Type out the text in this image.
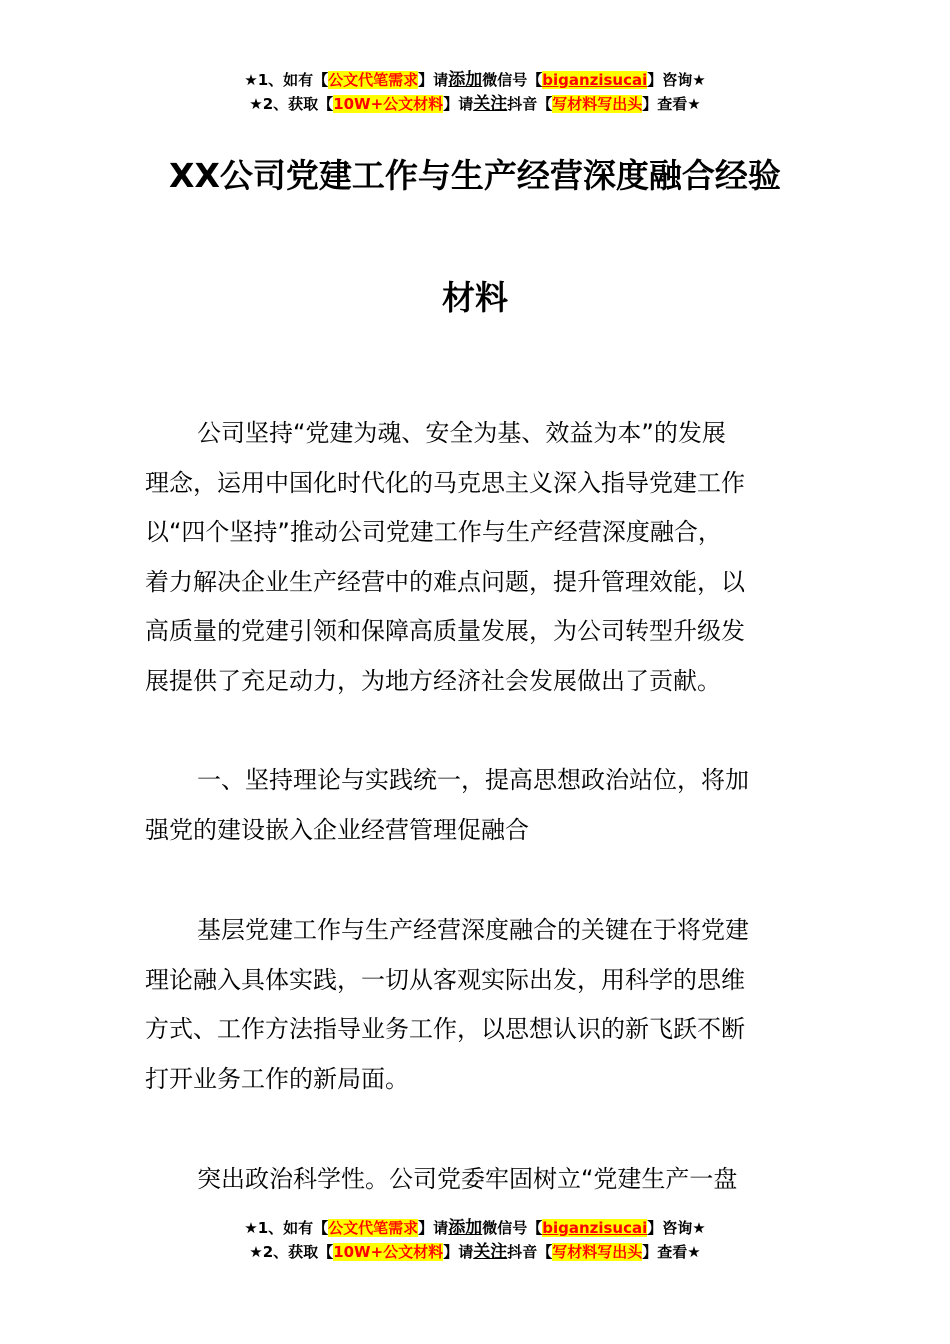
★1、如有【公文代笔需求】请添加微信号【biganzisucai】咨询★
★2、获取【10W+公文材料】请关注抖音【写材料写出头】查看★
XX公司党建工作与生产经营深度融合经验
材料
公司坚持“党建为魂、安全为基、效益为本”的发展
理念，运用中国化时代化的马克思主义深入指导党建工作
以“四个坚持”推动公司党建工作与生产经营深度融合，
着力解决企业生产经营中的难点问题，提升管理效能，以
高质量的党建引领和保障高质量发展，为公司转型升级发
展提供了充足动力，为地方经济社会发展做出了贡献。
一、坚持理论与实践统一，提高思想政治站位，将加
强党的建设嵌入企业经营管理促融合
基层党建工作与生产经营深度融合的关键在于将党建
理论融入具体实践，一切从客观实际出发，用科学的思维
方式、工作方法指导业务工作，以思想认识的新飞跃不断
打开业务工作的新局面。
突出政治科学性。公司党委牢固树立“党建生产一盘
★1、如有【公文代笔需求】请添加微信号【biganzisucai】咨询★
★2、获取【10W+公文材料】请关注抖音【写材料写出头】查看★
